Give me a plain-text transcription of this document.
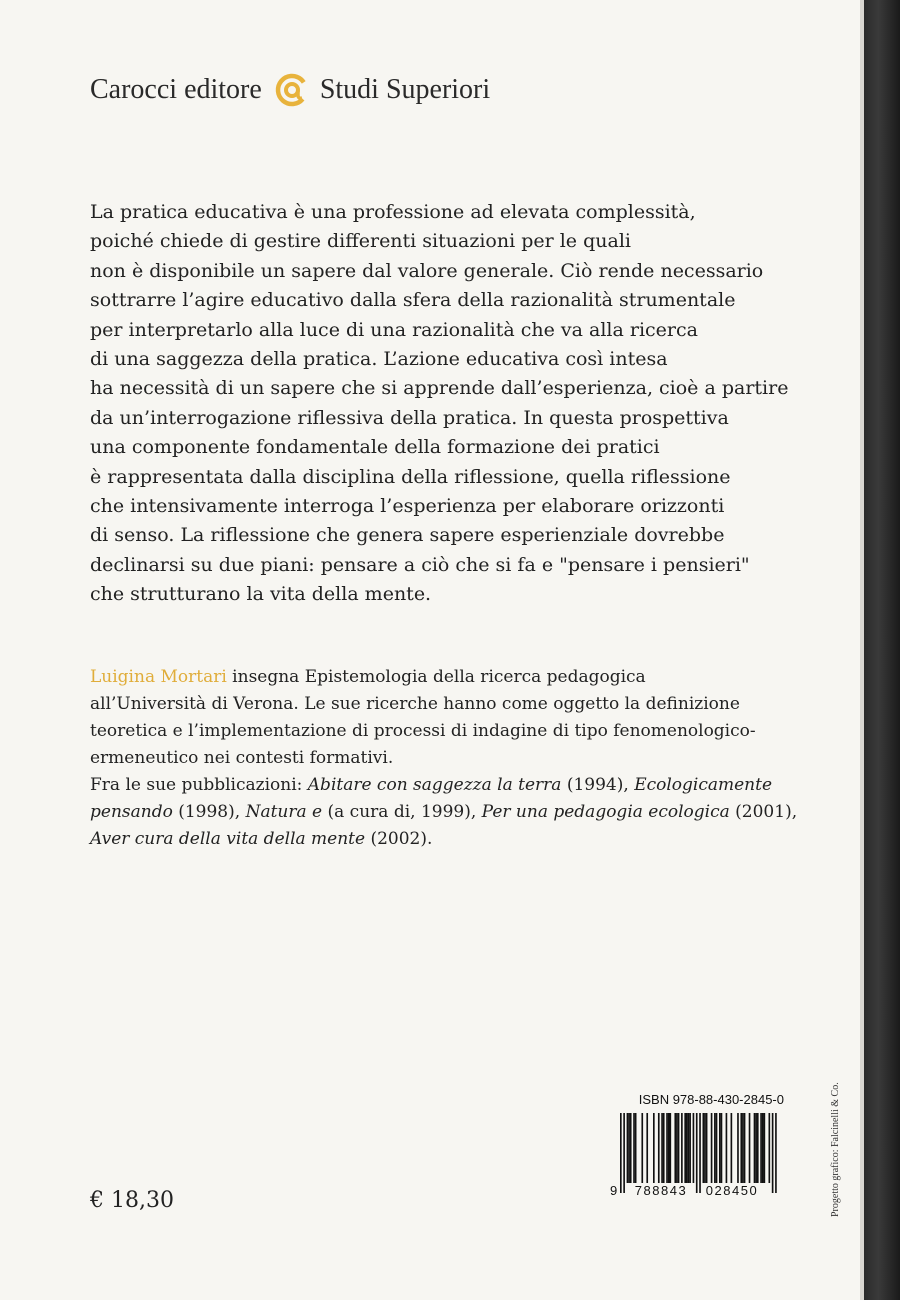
Carocci editore Studi Superiori
La pratica educativa è una professione ad elevata complessità,
poiché chiede di gestire differenti situazioni per le quali
non è disponibile un sapere dal valore generale. Ciò rende necessario
sottrarre l’agire educativo dalla sfera della razionalità strumentale
per interpretarlo alla luce di una razionalità che va alla ricerca
di una saggezza della pratica. L’azione educativa così intesa
ha necessità di un sapere che si apprende dall’esperienza, cioè a partire
da un’interrogazione riflessiva della pratica. In questa prospettiva
una componente fondamentale della formazione dei pratici
è rappresentata dalla disciplina della riflessione, quella riflessione
che intensivamente interroga l’esperienza per elaborare orizzonti
di senso. La riflessione che genera sapere esperienziale dovrebbe
declinarsi su due piani: pensare a ciò che si fa e "pensare i pensieri"
che strutturano la vita della mente.
Luigina Mortari insegna Epistemologia della ricerca pedagogica
all’Università di Verona. Le sue ricerche hanno come oggetto la definizione
teoretica e l’implementazione di processi di indagine di tipo fenomenologico-
ermeneutico nei contesti formativi.
Fra le sue pubblicazioni: Abitare con saggezza la terra (1994), Ecologicamente
pensando (1998), Natura e (a cura di, 1999), Per una pedagogia ecologica (2001),
Aver cura della vita della mente (2002).
ISBN 978-88-430-2845-0
9 788843 028450
€ 18,30	Progetto grafico: Falcinelli & Co.
